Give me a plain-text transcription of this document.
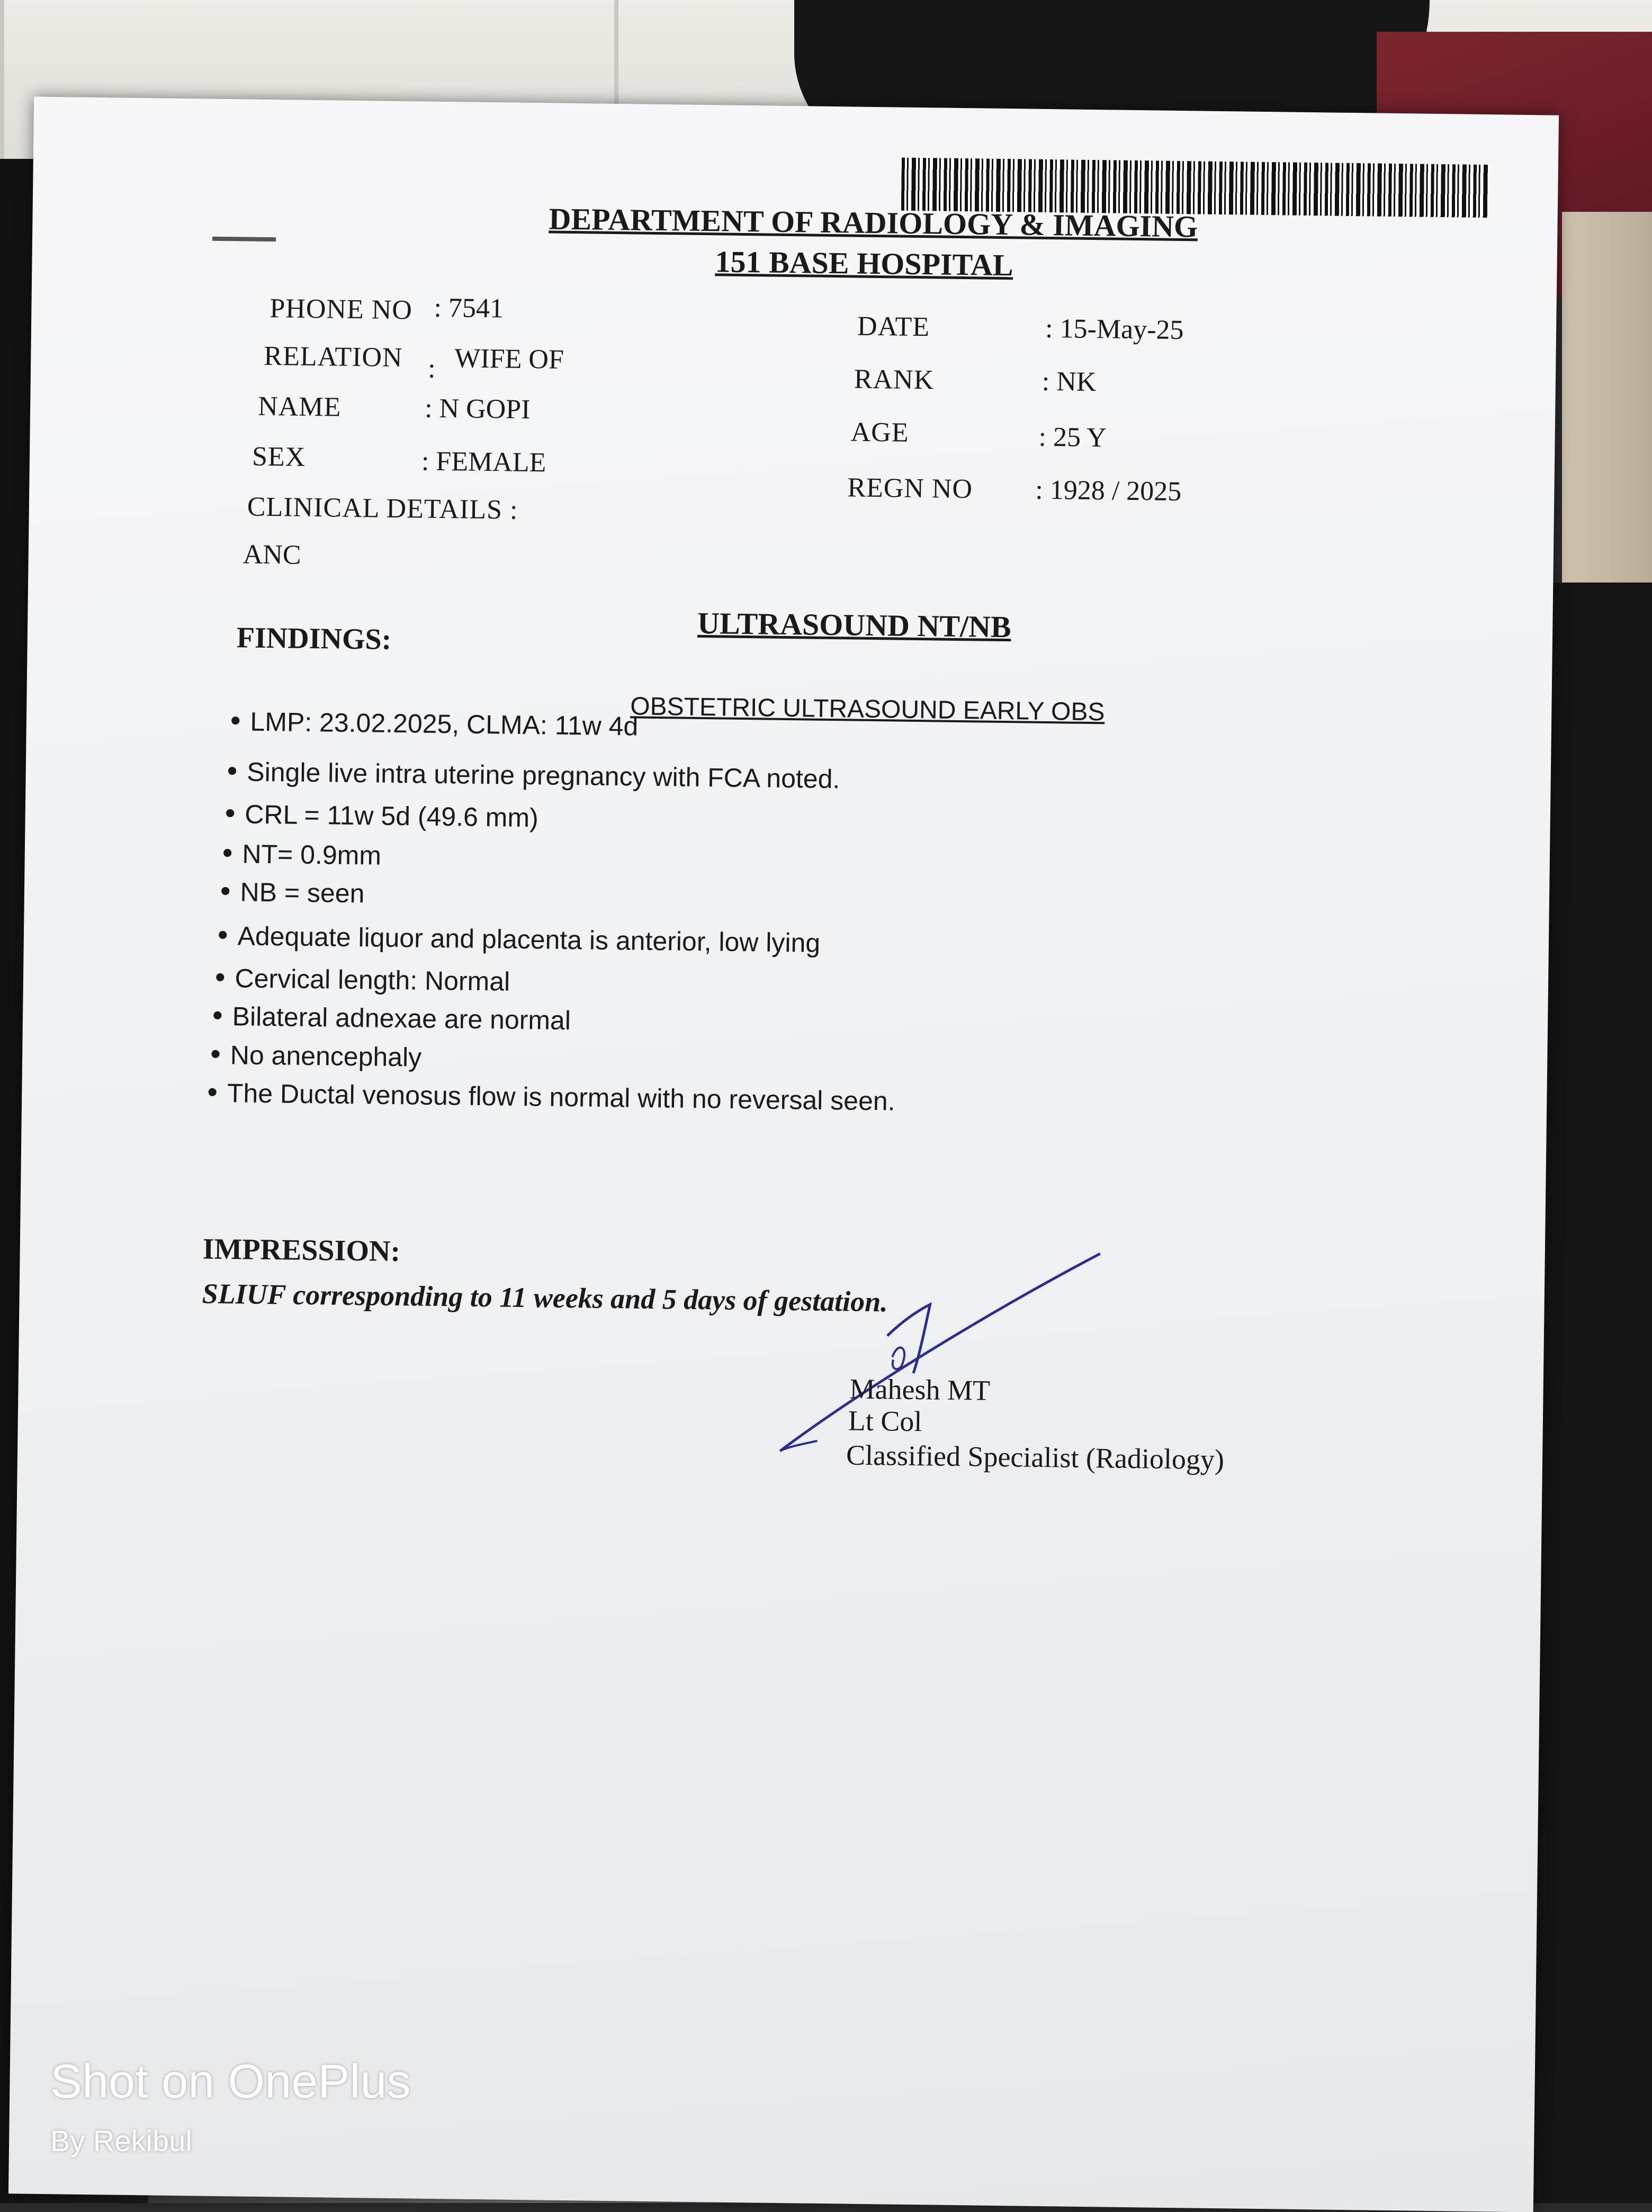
DEPARTMENT OF RADIOLOGY & IMAGING
151 BASE HOSPITAL
PHONE NO : 7541
RELATION : WIFE OF
NAME	: N GOPI
SEX	: FEMALE
CLINICAL DETAILS :
ANC
DATE	: 15-May-25
RANK	: NK
AGE	: 25 Y
REGN NO : 1928 / 2025
FINDINGS:	ULTRASOUND NT/NB
OBSTETRIC ULTRASOUND EARLY OBS
• LMP: 23.02.2025, CLMA: 11w 4d
• Single live intra uterine pregnancy with FCA noted.
• CRL = 11w 5d (49.6 mm)
• NT= 0.9mm
• NB = seen
• Adequate liquor and placenta is anterior, low lying
• Cervical length: Normal
• Bilateral adnexae are normal
• No anencephaly
• The Ductal venosus flow is normal with no reversal seen.
IMPRESSION:
SLIUF corresponding to 11 weeks and 5 days of gestation.
Mahesh MT
Lt Col
Classified Specialist (Radiology)
Shot on OnePlus
By Rekibul
